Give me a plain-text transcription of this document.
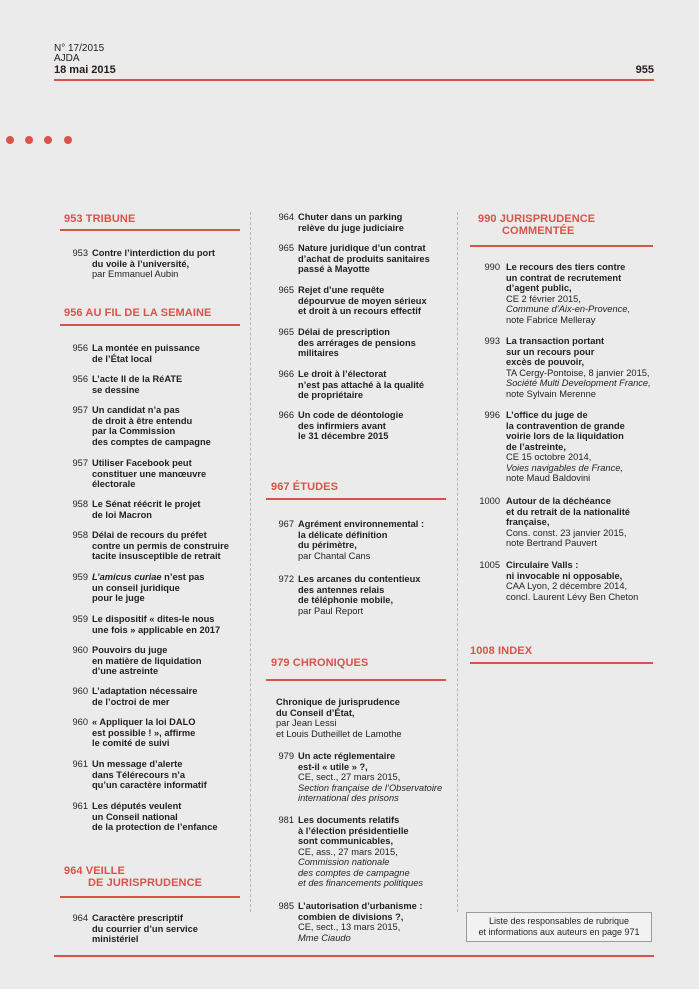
N° 17/2015
AJDA
18 mai 2015	955
953 TRIBUNE
953 Contre l’interdiction du port
du voile à l’université,
par Emmanuel Aubin
956 AU FIL DE LA SEMAINE
956 La montée en puissance
de l’État local
956 L’acte II de la RéATE
se dessine
957 Un candidat n’a pas
de droit à être entendu
par la Commission
des comptes de campagne
957 Utiliser Facebook peut
constituer une manœuvre
électorale
958 Le Sénat réécrit le projet
de loi Macron
958 Délai de recours du préfet
contre un permis de construire
tacite insusceptible de retrait
959 L’amicus curiae n’est pas
un conseil juridique
pour le juge
959 Le dispositif « dites-le nous
une fois » applicable en 2017
960 Pouvoirs du juge
en matière de liquidation
d’une astreinte
960 L’adaptation nécessaire
de l’octroi de mer
960 « Appliquer la loi DALO
est possible ! », affirme
le comité de suivi
961 Un message d’alerte
dans Télérecours n’a
qu’un caractère informatif
961 Les députés veulent
un Conseil national
de la protection de l’enfance
964 VEILLE
DE JURISPRUDENCE
964 Caractère prescriptif
du courrier d’un service
ministériel
964 Chuter dans un parking
relève du juge judiciaire
965 Nature juridique d’un contrat
d’achat de produits sanitaires
passé à Mayotte
965 Rejet d’une requête
dépourvue de moyen sérieux
et droit à un recours effectif
965 Délai de prescription
des arrérages de pensions
militaires
966 Le droit à l’électorat
n’est pas attaché à la qualité
de propriétaire
966 Un code de déontologie
des infirmiers avant
le 31 décembre 2015
967 ÉTUDES
967 Agrément environnemental :
la délicate définition
du périmètre,
par Chantal Cans
972 Les arcanes du contentieux
des antennes relais
de téléphonie mobile,
par Paul Report
979 CHRONIQUES
Chronique de jurisprudence
du Conseil d’État,
par Jean Lessi
et Louis Dutheillet de Lamothe
979 Un acte réglementaire
est-il « utile » ?,
CE, sect., 27 mars 2015,
Section française de l’Observatoire
international des prisons
981 Les documents relatifs
à l’élection présidentielle
sont communicables,
CE, ass., 27 mars 2015,
Commission nationale
des comptes de campagne
et des financements politiques
985 L’autorisation d’urbanisme :
combien de divisions ?,
CE, sect., 13 mars 2015,
Mme Ciaudo
990 JURISPRUDENCE
COMMENTÉE
990 Le recours des tiers contre
un contrat de recrutement
d’agent public,
CE 2 février 2015,
Commune d’Aix-en-Provence,
note Fabrice Melleray
993 La transaction portant
sur un recours pour
excès de pouvoir,
TA Cergy-Pontoise, 8 janvier 2015,
Société Multi Development France,
note Sylvain Merenne
996 L’office du juge de
la contravention de grande
voirie lors de la liquidation
de l’astreinte,
CE 15 octobre 2014,
Voies navigables de France,
note Maud Baldovini
1000 Autour de la déchéance
et du retrait de la nationalité
française,
Cons. const. 23 janvier 2015,
note Bertrand Pauvert
1005 Circulaire Valls :
ni invocable ni opposable,
CAA Lyon, 2 décembre 2014,
concl. Laurent Lévy Ben Cheton
1008 INDEX
Liste des responsables de rubrique
et informations aux auteurs en page 971
